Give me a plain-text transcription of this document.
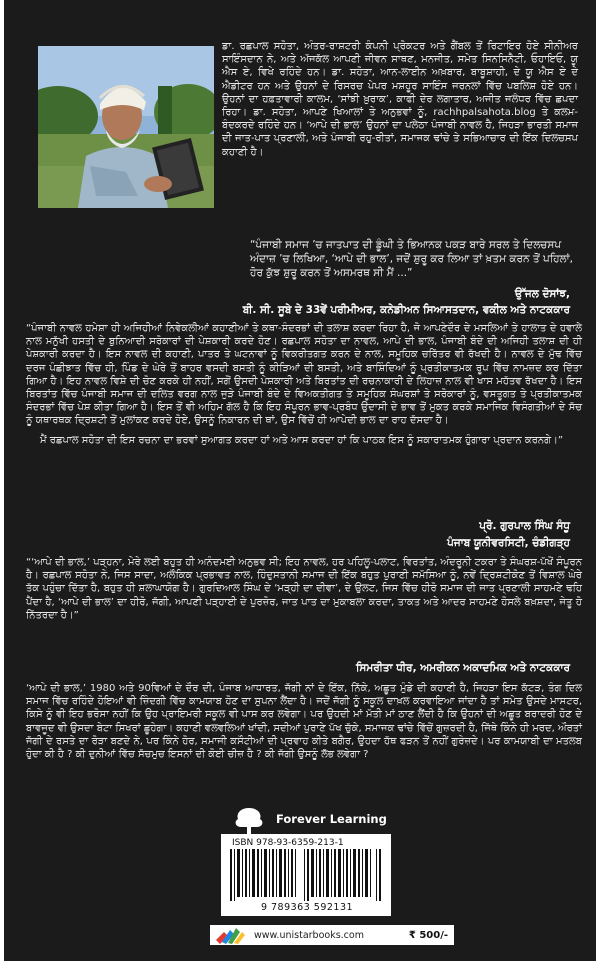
ਡਾ. ਰਛਪਾਲ ਸਹੋਤਾ, ਅੰਤਰ-ਰਾਸ਼ਟਰੀ ਕੰਪਨੀ ਪ੍ਰੋਕਟਰ ਅਤੇ ਗੈਂਬਲ ਤੋਂ ਰਿਟਾਇਰ ਹੋਏ ਸੀਨੀਅਰ ਸਾਇੰਸਦਾਨ ਨੇ, ਅਤੇ ਅੱਜਕੱਲ ਆਪਣੀ ਜੀਵਨ ਸਾਥਣ, ਮਨਜੀਤ, ਸਮੇਤ ਸਿਨਸਿਨੈਟੀ, ਓਹਾਇਓ, ਯੂ ਐਸ ਏ, ਵਿਖੇ ਰਹਿੰਦੇ ਹਨ। ਡਾ. ਸਹੋਤਾ, ਆਨ-ਲਾਈਨ ਅਖ਼ਬਾਰ, ਬਾਬੂਸ਼ਾਹੀ, ਦੇ ਯੂ ਐਸ ਏ ਦੇ ਐਡੀਟਰ ਹਨ ਅਤੇ ਉਹਨਾਂ ਦੇ ਰਿਸਰਚ ਪੇਪਰ ਮਸ਼ਹੂਰ ਸਾਇੰਸ ਜਰਨਲਾਂ ਵਿੱਚ ਪਬਲਿਸ਼ ਹੋਏ ਹਨ। ਉਹਨਾਂ ਦਾ ਹਫ਼ਤਾਵਾਰੀ ਕਾਲਮ, ‘ਸਾਂਝੀ ਖ਼ੁਰਾਕ’, ਕਾਫੀ ਦੇਰ ਲਗਾਤਾਰ, ਅਜੀਤ ਜਲੰਧਰ ਵਿੱਚ ਛਪਦਾ ਰਿਹਾ। ਡਾ. ਸਹੋਤਾ, ਆਪਣੇ ਖਿਆਲਾਂ ਤੇ ਅਨੁਭਵਾਂ ਨੂੰ, rachhpalsahota.blog ਤੇ ਕਲਮ-ਬੰਦਕਰਦੇ ਰਹਿੰਦੇ ਹਨ। ‘ਆਪੇ ਦੀ ਭਾਲ’ ਉਹਨਾਂ ਦਾ ਪਲੇਠਾ ਪੰਜਾਬੀ ਨਾਵਲ ਹੈ, ਜਿਹੜਾ ਭਾਰਤੀ ਸਮਾਜ ਦੀ ਜਾਤ-ਪਾਤ ਪ੍ਰਣਾਲੀ, ਅਤੇ ਪੰਜਾਬੀ ਰਹੁ-ਰੀਤਾਂ, ਸਮਾਜਕ ਢਾਂਚੇ ਤੇ ਸਭਿਆਚਾਰ ਦੀ ਇੱਕ ਦਿਲਚਸਪ ਕਹਾਣੀ ਹੈ।
“ਪੰਜਾਬੀ ਸਮਾਜ ’ਚ ਜਾਤਪਾਤ ਦੀ ਡੂੰਘੀ ਤੇ ਭਿਆਨਕ ਪਕੜ ਬਾਰੇ ਸਰਲ ਤੇ ਦਿਲਚਸਪ ਅੰਦਾਜ਼ ’ਚ ਲਿਖਿਆ, ‘ਆਪੇ ਦੀ ਭਾਲ’, ਜਦੋਂ ਸ਼ੁਰੂ ਕਰ ਲਿਆ ਤਾਂ ਖ਼ਤਮ ਕਰਨ ਤੋਂ ਪਹਿਲਾਂ, ਹੋਰ ਕੁੱਝ ਸ਼ੁਰੂ ਕਰਨ ਤੋਂ ਅਸਮਰਥ ਸੀ ਮੈਂ ...”
ਉੱਜਲ ਦੋਸਾਂਝ,
ਬੀ. ਸੀ. ਸੂਬੇ ਦੇ 33ਵੇਂ ਪਰੀਮੀਅਰ, ਕਨੇਡੀਅਨ ਸਿਆਸਤਦਾਨ, ਵਕੀਲ ਅਤੇ ਨਾਟਕਕਾਰ

“ਪੰਜਾਬੀ ਨਾਵਲ ਹਮੇਸ਼ਾ ਹੀ ਅਜਿਹੀਆਂ ਨਿਵੇਕਲੀਆਂ ਕਹਾਣੀਆਂ ਤੇ ਕਥਾ-ਸੰਦਰਭਾਂ ਦੀ ਤਲਾਸ਼ ਕਰਦਾ ਰਿਹਾ ਹੈ, ਜੋ ਆਪਣੇਦੌਰ ਦੇ ਮਸਲਿਆਂ ਤੇ ਹਾਲਾਤ ਦੇ ਹਵਾਲੇ ਨਾਲ ਮਨੁੱਖੀ ਹਸਤੀ ਦੇ ਬੁਨਿਆਦੀ ਸਰੋਕਾਰਾਂ ਦੀ ਪੇਸ਼ਕਾਰੀ ਕਰਦੇ ਹੋਣ। ਰਛਪਾਲ ਸਹੋਤਾ ਦਾ ਨਾਵਲ, ਆਪੇ ਦੀ ਭਾਲ, ਪੰਜਾਬੀ ਬੰਦੇ ਦੀ ਅਜਿਹੀ ਤਲਾਸ਼ ਦੀ ਹੀ ਪੇਸ਼ਕਾਰੀ ਕਰਦਾ ਹੈ। ਇਸ ਨਾਵਲ ਦੀ ਕਹਾਣੀ, ਪਾਤਰ ਤੇ ਘਟਨਾਵਾਂ ਨੂੰ ਵਿਕਰੀਤਗਤ ਕਰਨ ਦੇ ਨਾਲ, ਸਮੂਹਿਕ ਚਰਿੱਤਰ ਵੀ ਰੱਖਦੀ ਹੈ। ਨਾਵਲ ਦੇ ਮੁੱਢ ਵਿੱਚ ਦਰਜ ਪੰਛੀਝਾਤ ਵਿੱਚ ਹੀ, ਪਿੰਡ ਦੇ ਘੇਰੇ ਤੋਂ ਬਾਹਰ ਵਸਦੀ ਬਸਤੀ ਨੂੰ ਕੀੜਿਆਂ ਦੀ ਬਸਤੀ, ਅਤੇ ਬਾਸ਼ਿੰਦਿਆਂ ਨੂੰ ਪ੍ਰਤੀਕਾਤਮਕ ਰੂਪ ਵਿੱਚ ਨਾਮਜ਼ਦ ਕਰ ਦਿੱਤਾ ਗਿਆ ਹੈ। ਇਹ ਨਾਵਲ ਵਿਸ਼ੇ ਦੀ ਚੋਣ ਕਰਕੇ ਹੀ ਨਹੀਂ, ਸਗੋਂ ਉਸਦੀ ਪੇਸ਼ਕਾਰੀ ਅਤੇ ਬਿਰਤਾਂਤ ਦੀ ਰਚਨਾਕਾਰੀ ਦੇ ਲਿਹਾਜ਼ ਨਾਲ ਵੀ ਖਾਸ ਮਹੱਤਵ ਰੱਖਦਾ ਹੈ। ਇਸ ਬਿਰਤਾਂਤ ਵਿੱਚ ਪੰਜਾਬੀ ਸਮਾਜ ਦੀ ਦਲਿਤ ਵਰਗ ਨਾਲ ਜੁੜੇ ਪੰਜਾਬੀ ਬੰਦੇ ਦੇ ਵਿਅਕਤੀਗਤ ਤੇ ਸਮੂਹਿਕ ਸੰਘਰਸ਼ਾਂ ਤੇ ਸਰੋਕਾਰਾਂ ਨੂੰ, ਵਸਤੂਗਤ ਤੇ ਪ੍ਰਤੀਕਾਤਮਕ ਸੰਦਰਭਾਂ ਵਿੱਚ ਪੇਸ਼ ਕੀਤਾ ਗਿਆ ਹੈ। ਇਸ ਤੋਂ ਵੀ ਅਹਿਮ ਗੱਲ ਹੈ ਕਿ ਇਹ ਸੰਪੂਰਨ ਭਾਵ-ਪ੍ਰਬੰਧ ਉਦਾਸੀ ਦੇ ਭਾਵ ਤੋਂ ਮੁਕਤ ਕਰਕੇ ਸਮਾਜਿਕ ਵਿਸੰਗਤੀਆਂ ਦੇ ਸੱਚ ਨੂੰ ਯਥਾਰਥਕ ਦ੍ਰਿਸ਼ਟੀ ਤੋਂ ਮੁਲਾਂਕਣ ਕਰਦੇ ਹੋਏ, ਉਸਨੂੰ ਨਿਕਾਰਨ ਦੀ ਥਾਂ, ਉਸ ਵਿੱਚੋਂ ਹੀ ਆਪੇਦੀ ਭਾਲ ਦਾ ਰਾਹ ਦੱਸਦਾ ਹੈ।

ਮੈਂ ਰਛਪਾਲ ਸਹੋਤਾ ਦੀ ਇਸ ਰਚਨਾ ਦਾ ਭਰਵਾਂ ਸੁਆਗਤ ਕਰਦਾ ਹਾਂ ਅਤੇ ਆਸ ਕਰਦਾ ਹਾਂ ਕਿ ਪਾਠਕ ਇਸ ਨੂੰ ਸਕਾਰਾਤਮਕ ਹੁੰਗਾਰਾ ਪ੍ਰਦਾਨ ਕਰਨਗੇ।”

ਪ੍ਰੋ. ਗੁਰਪਾਲ ਸਿੰਘ ਸੰਧੂ
ਪੰਜਾਬ ਯੂਨੀਵਰਸਿਟੀ, ਚੰਡੀਗੜ੍ਹ
“‘ਆਪੇ ਦੀ ਭਾਲ,’ ਪੜ੍ਹਨਾ, ਮੇਰੇ ਲਈ ਬਹੁਤ ਹੀ ਅਨੰਦਮਈ ਅਨੁਭਵ ਸੀ; ਇਹ ਨਾਵਲ, ਹਰ ਪਹਿਲੂ-ਪਲਾਟ, ਵਿਰਤਾਂਤ, ਅੰਦਰੂਨੀ ਟਕਰਾ ਤੇ ਸੰਘਰਸ਼-ਪੱਖੋਂ ਸੰਪੂਰਨ ਹੈ। ਰਛਪਾਲ ਸਹੋਤਾ ਨੇ, ਜਿਸ ਸਾਦਾ, ਅਲੌਕਿਕ ਪ੍ਰਭਾਵਤ ਨਾਲ, ਹਿੰਦੁਸਤਾਨੀ ਸਮਾਜ ਦੀ ਇੱਕ ਬਹੁਤ ਪੁਰਾਣੀ ਸਮੱਸਿਆ ਨੂੰ, ਨਵੇਂ ਦ੍ਰਿਸ਼ਟੀਕੋਣ ਤੋਂ ਵਿਸ਼ਾਲ ਘੇਰੇ ਤੱਕ ਪਹੁੰਚਾ ਦਿੱਤਾ ਹੈ, ਬਹੁਤ ਹੀ ਸ਼ਲਾਘਾਯੋਗ ਹੈ। ਗੁਰਦਿਆਲ ਸਿੰਘ ਦੇ ‘ਮੜ੍ਹੀ ਦਾ ਦੀਵਾ’, ਦੇ ਉਲਟ, ਜਿਸ ਵਿੱਚ ਹੀਰੋ ਸਮਾਜ ਦੀ ਜਾਤ ਪ੍ਰਣਾਲੀ ਸਾਹਮਣੇ ਢਹਿ ਪੈਂਦਾ ਹੈ, ‘ਆਪੇ ਦੀ ਭਾਲ’ ਦਾ ਹੀਰੋ, ਜੱਗੀ, ਆਪਣੀ ਪੜ੍ਹਾਈ ਦੇ ਪੁਰਜ਼ੋਰ, ਜਾਤ ਪਾਤ ਦਾ ਮੁਕਾਬਲਾ ਕਰਦਾ, ਤਾਕਤ ਅਤੇ ਆਦਰ ਸਾਹਮਣੇ ਹੋਸਲੇ ਬਖ਼ਸ਼ਦਾ, ਜੇਤੂ ਹੋ ਨਿੱਤਰਦਾ ਹੈ।”
ਸਿਮਰੀਤਾ ਧੀਰ, ਅਮਰੀਕਨ ਅਕਾਦਮਿਕ ਅਤੇ ਨਾਟਕਕਾਰ
‘ਆਪੇ ਦੀ ਭਾਲ,’ 1980 ਅਤੇ 90ਵਿਆਂ ਦੇ ਦੌਰ ਦੀ, ਪੰਜਾਬ ਆਧਾਰਤ, ਜੱਗੀ ਨਾਂ ਦੇ ਇੱਕ, ਨਿੱਕੇ, ਅਛੂਤ ਮੁੰਡੇ ਦੀ ਕਹਾਣੀ ਹੈ, ਜਿਹੜਾ ਇਸ ਕੱਟੜ, ਤੰਗ ਦਿਲ ਸਮਾਜ ਵਿੱਚ ਰਹਿੰਦੇ ਹੋਇਆਂ ਵੀ ਜ਼ਿੰਦਗੀ ਵਿੱਚ ਕਾਮਯਾਬ ਹੋਣ ਦਾ ਸੁਪਨਾ ਲੈਂਦਾ ਹੈ। ਜਦੋਂ ਜੱਗੀ ਨੂੰ ਸਕੂਲ ਦਾਖ਼ਲ ਕਰਵਾਇਆ ਜਾਂਦਾ ਹੈ ਤਾਂ ਸਮੇਤ ਉਸਦੇ ਮਾਸਟਰ, ਕਿਸੇ ਨੂੰ ਵੀ ਇਹ ਭਰੋਸਾ ਨਹੀਂ ਕਿ ਉਹ ਪ੍ਰਾਇਮਰੀ ਸਕੂਲ ਵੀ ਪਾਸ ਕਰ ਲਵੇਗਾ। ਪਰ ਉਹਦੀ ਮਾਂ ਮੱਤੀ ਮਾਂ ਠਾਣ ਲੈਂਦੀ ਹੈ ਕਿ ਉਹਨਾਂ ਦੀ ਅਛੂਤ ਬਰਾਦਰੀ ਹੋਣ ਦੇ ਬਾਵਜੂਦ ਵੀ ਉਸਦਾ ਬੇਟਾ ਸਿਖਰਾਂ ਛੂਹੇਗਾ। ਕਹਾਣੀ ਵਲਵਲਿਆਂ ਖਾਂਦੀ, ਸਦੀਆਂ ਪੁਰਾਣੇ ਪੱਖ ਚੁੱਕੇ, ਸਮਾਜਕ ਢਾਂਚੇ ਵਿੱਚੋਂ ਗੁਜ਼ਰਦੀ ਹੈ, ਜਿੱਥੇ ਕਿੰਨੇ ਹੀ ਮਰਦ, ਔਰਤਾਂ ਜੱਗੀ ਦੇ ਰਸਤੇ ਦਾ ਰੋੜਾ ਬਣਦੇ ਨੇ, ਪਰ ਕਿੰਨੇ ਹੋਰ, ਸਮਾਜੀ ਕਸੌਟੀਆਂ ਦੀ ਪ੍ਰਵਾਹ ਕੀਤੇ ਬਗੈਰ, ਉਹਦਾ ਹੱਥ ਫੜਨ ਤੋਂ ਨਹੀਂ ਗੁਰੇਜ਼ਦੇ। ਪਰ ਕਾਮਯਾਬੀ ਦਾ ਮਤਲਬ ਹੁੰਦਾ ਕੀ ਹੈ ? ਕੀ ਦੁਨੀਆਂ ਵਿੱਚ ਸੱਚਮੁਚ ਇਸਨਾਂ ਦੀ ਕੋਈ ਚੀਜ਼ ਹੈ ? ਕੀ ਜੱਗੀ ਉਸਨੂੰ ਲੱਭ ਲਵੇਗਾ ?
Forever Learning
ISBN 978-93-6359-213-1
9 789363 592131
www.unistarbooks.com	₹ 500/-
